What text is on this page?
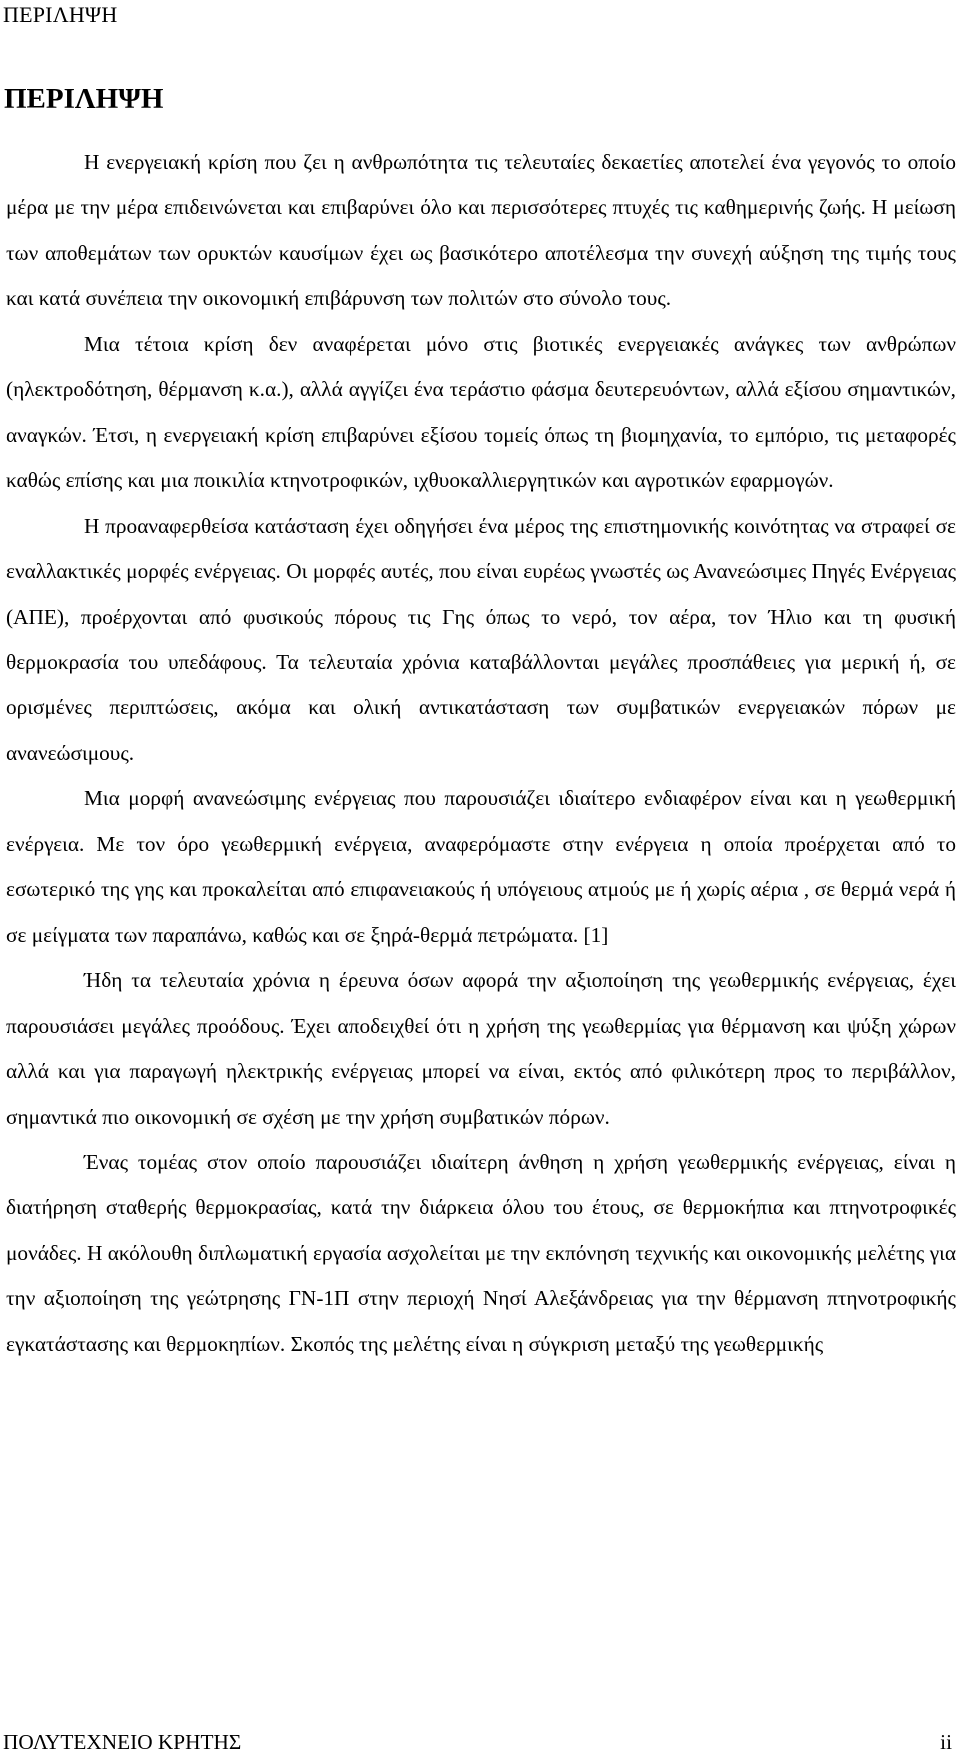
ΠΕΡΙΛΗΨΗ
ΠΕΡΙΛΗΨΗ

Η ενεργειακή κρίση που ζει η ανθρωπότητα τις τελευταίες δεκαετίες αποτελεί ένα γεγονός το οποίο μέρα με την μέρα επιδεινώνεται και επιβαρύνει όλο και περισσότερες πτυχές τις καθημερινής ζωής. Η μείωση των αποθεμάτων των ορυκτών καυσίμων έχει ως βασικότερο αποτέλεσμα την συνεχή αύξηση της τιμής τους και κατά συνέπεια την οικονομική επιβάρυνση των πολιτών στο σύνολο τους.

Μια τέτοια κρίση δεν αναφέρεται μόνο στις βιοτικές ενεργειακές ανάγκες των ανθρώπων (ηλεκτροδότηση, θέρμανση κ.α.), αλλά αγγίζει ένα τεράστιο φάσμα δευτερευόντων, αλλά εξίσου σημαντικών, αναγκών. Έτσι, η ενεργειακή κρίση επιβαρύνει εξίσου τομείς όπως τη βιομηχανία, το εμπόριο, τις μεταφορές καθώς επίσης και μια ποικιλία κτηνοτροφικών, ιχθυοκαλλιεργητικών και αγροτικών εφαρμογών.

Η προαναφερθείσα κατάσταση έχει οδηγήσει ένα μέρος της επιστημονικής κοινότητας να στραφεί σε εναλλακτικές μορφές ενέργειας. Οι μορφές αυτές, που είναι ευρέως γνωστές ως Ανανεώσιμες Πηγές Ενέργειας (ΑΠΕ), προέρχονται από φυσικούς πόρους τις Γης όπως το νερό, τον αέρα, τον Ήλιο και τη φυσική θερμοκρασία του υπεδάφους. Τα τελευταία χρόνια καταβάλλονται μεγάλες προσπάθειες για μερική ή, σε ορισμένες περιπτώσεις, ακόμα και ολική αντικατάσταση των συμβατικών ενεργειακών πόρων με ανανεώσιμους.

Μια μορφή ανανεώσιμης ενέργειας που παρουσιάζει ιδιαίτερο ενδιαφέρον είναι και η γεωθερμική ενέργεια. Με τον όρο γεωθερμική ενέργεια, αναφερόμαστε στην ενέργεια η οποία προέρχεται από το εσωτερικό της γης και προκαλείται από επιφανειακούς ή υπόγειους ατμούς με ή χωρίς αέρια , σε θερμά νερά ή σε μείγματα των παραπάνω, καθώς και σε ξηρά-θερμά πετρώματα. [1]

Ήδη τα τελευταία χρόνια η έρευνα όσων αφορά την αξιοποίηση της γεωθερμικής ενέργειας, έχει παρουσιάσει μεγάλες προόδους. Έχει αποδειχθεί ότι η χρήση της γεωθερμίας για θέρμανση και ψύξη χώρων αλλά και για παραγωγή ηλεκτρικής ενέργειας μπορεί να είναι, εκτός από φιλικότερη προς το περιβάλλον, σημαντικά πιο οικονομική σε σχέση με την χρήση συμβατικών πόρων.

Ένας τομέας στον οποίο παρουσιάζει ιδιαίτερη άνθηση η χρήση γεωθερμικής ενέργειας, είναι η διατήρηση σταθερής θερμοκρασίας, κατά την διάρκεια όλου του έτους, σε θερμοκήπια και πτηνοτροφικές μονάδες. Η ακόλουθη διπλωματική εργασία ασχολείται με την εκπόνηση τεχνικής και οικονομικής μελέτης για την αξιοποίηση της γεώτρησης ΓΝ-1Π στην περιοχή Νησί Αλεξάνδρειας για την θέρμανση πτηνοτροφικής εγκατάστασης και θερμοκηπίων. Σκοπός της μελέτης είναι η σύγκριση μεταξύ της γεωθερμικής

ΠΟΛΥΤΕΧΝΕΙΟ ΚΡΗΤΗΣ	ii
